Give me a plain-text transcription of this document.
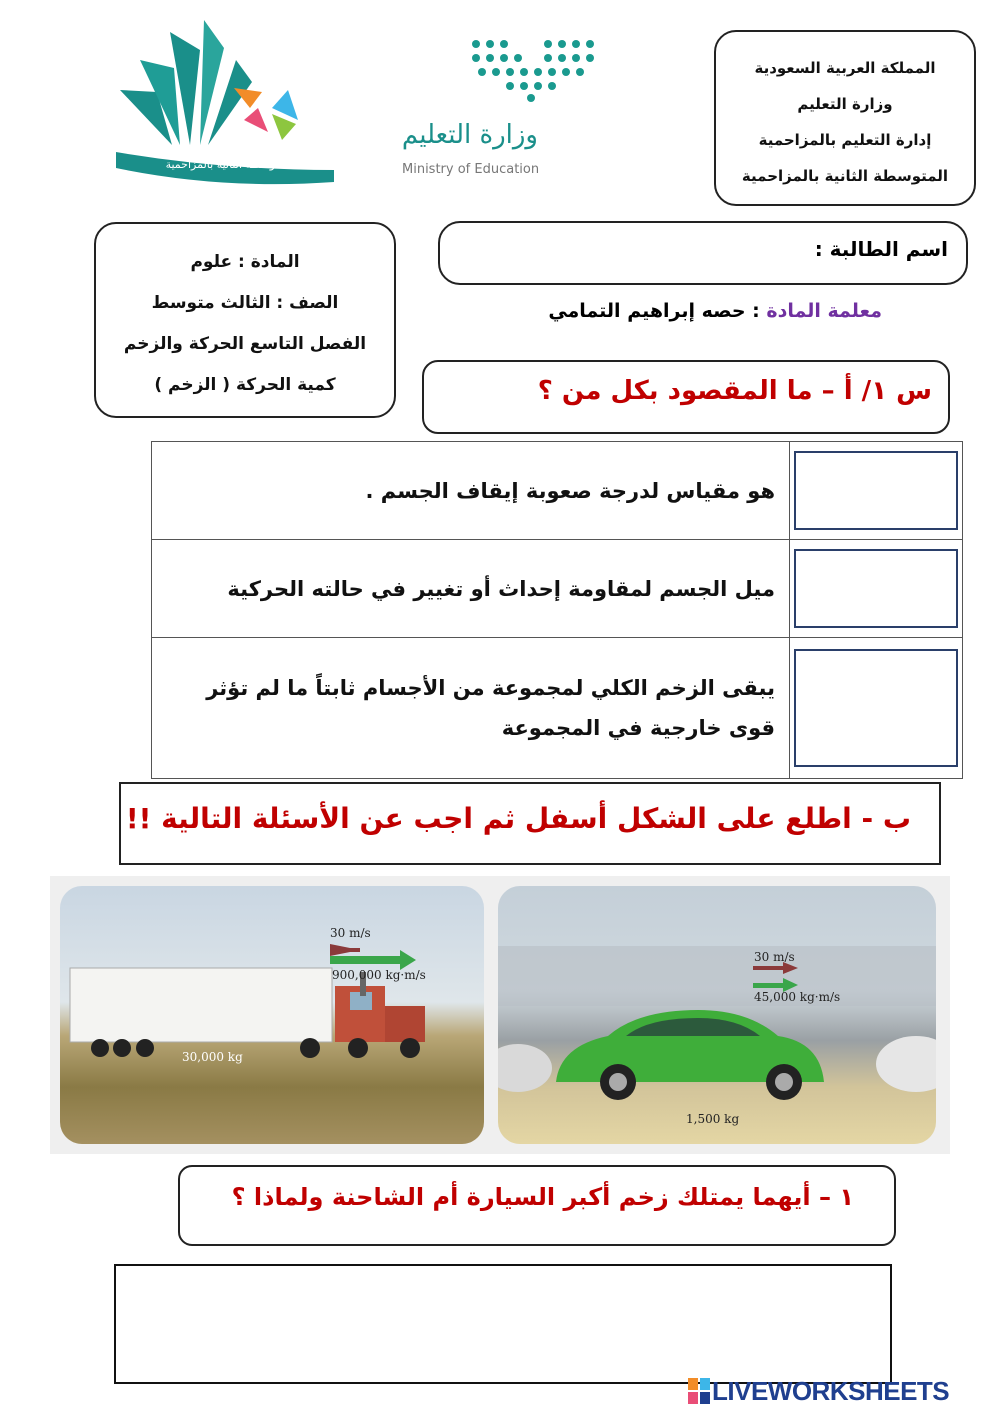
لمتوسطة الثانية بالمزاحمية
وزارة التعليم
Ministry of Education
المملكة العربية السعودية
وزارة التعليم
إدارة التعليم بالمزاحمية
المتوسطة الثانية بالمزاحمية
المادة : علوم
الصف : الثالث متوسط
الفصل التاسع الحركة والزخم
كمية الحركة ( الزخم )
اسم الطالبة :
معلمة المادة : حصه إبراهيم التمامي
س ١/ أ – ما المقصود بكل من ؟
هو مقياس لدرجة صعوبة إيقاف الجسم .	

ميل الجسم لمقاومة إحداث أو تغيير في حالته الحركية	

يبقى الزخم الكلي لمجموعة من الأجسام ثابتاً ما لم تؤثر قوى خارجية في المجموعة	
ب - اطلع على الشكل أسفل ثم اجب عن الأسئلة التالية !!
30 m/s
900,000 kg·m/s
30,000 kg
30 m/s
45,000 kg·m/s
1,500 kg
١ – أيهما يمتلك زخم أكبر السيارة أم الشاحنة ولماذا ؟
LIVEWORKSHEETS
